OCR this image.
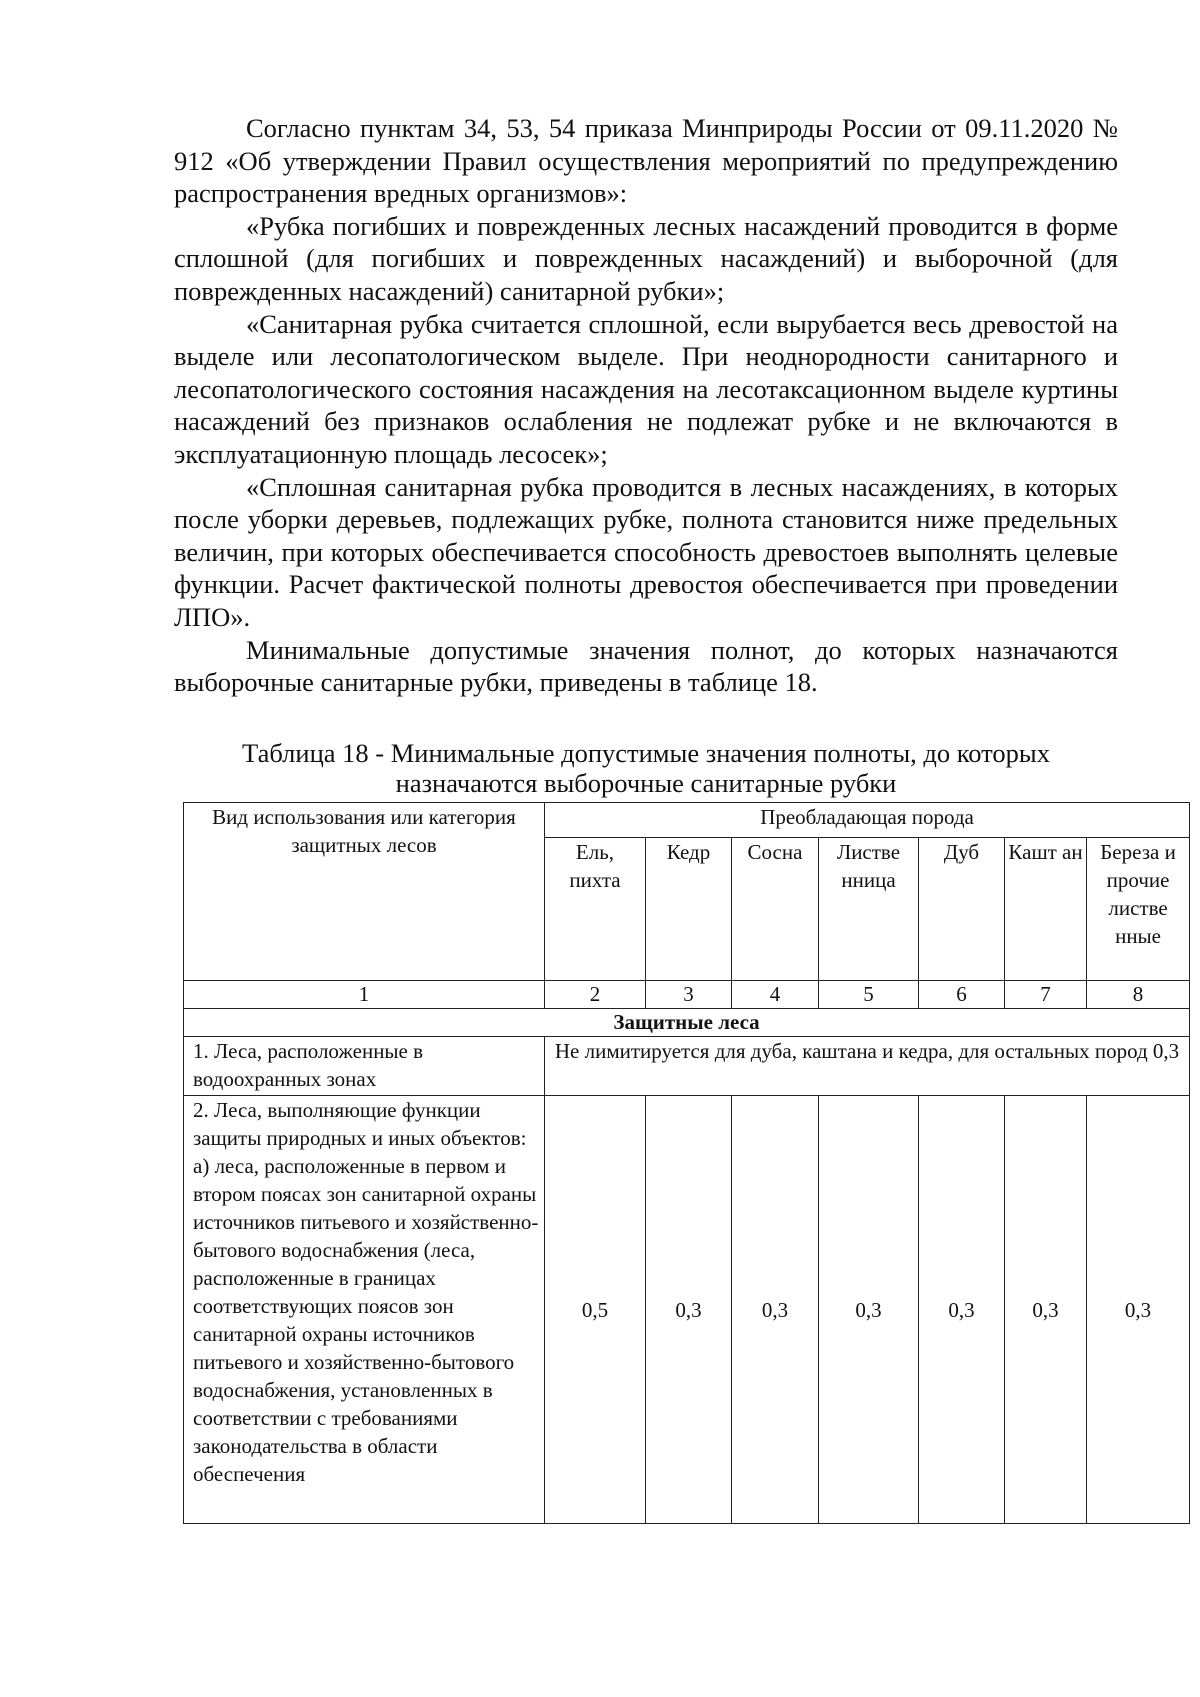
Согласно пунктам 34, 53, 54 приказа Минприроды России от 09.11.2020 № 912 «Об утверждении Правил осуществления мероприятий по предупреждению распространения вредных организмов»:

«Рубка погибших и поврежденных лесных насаждений проводится в форме сплошной (для погибших и поврежденных насаждений) и выборочной (для поврежденных насаждений) санитарной рубки»;

«Санитарная рубка считается сплошной, если вырубается весь древостой на выделе или лесопатологическом выделе. При неоднородности санитарного и лесопатологического состояния насаждения на лесотаксационном выделе куртины насаждений без признаков ослабления не подлежат рубке и не включаются в эксплуатационную площадь лесосек»;

«Сплошная санитарная рубка проводится в лесных насаждениях, в которых после уборки деревьев, подлежащих рубке, полнота становится ниже предельных величин, при которых обеспечивается способность древостоев выполнять целевые функции. Расчет фактической полноты древостоя обеспечивается при проведении ЛПО».

Минимальные допустимые значения полнот, до которых назначаются выборочные санитарные рубки, приведены в таблице 18.

Таблица 18 - Минимальные допустимые значения полноты, до которых
назначаются выборочные санитарные рубки
Вид использования или категория защитных лесов	Преобладающая порода						
	Ель, пихта	Кедр	Сосна	Листве нница	Дуб	Кашт ан	Береза и прочие листве нные
1	2	3	4	5	6	7	8
Защитные леса							
1. Леса, расположенные в водоохранных зонах	Не лимитируется для дуба, каштана и кедра, для остальных пород 0,3						
2. Леса, выполняющие функции защиты природных и иных объектов:
а) леса, расположенные в первом и втором поясах зон санитарной охраны источников питьевого и хозяйственно-бытового водоснабжения (леса, расположенные в границах соответствующих поясов зон санитарной охраны источников питьевого и хозяйственно-бытового водоснабжения, установленных в соответствии с требованиями законодательства в области обеспечения	0,5	0,3	0,3	0,3	0,3	0,3	0,3
